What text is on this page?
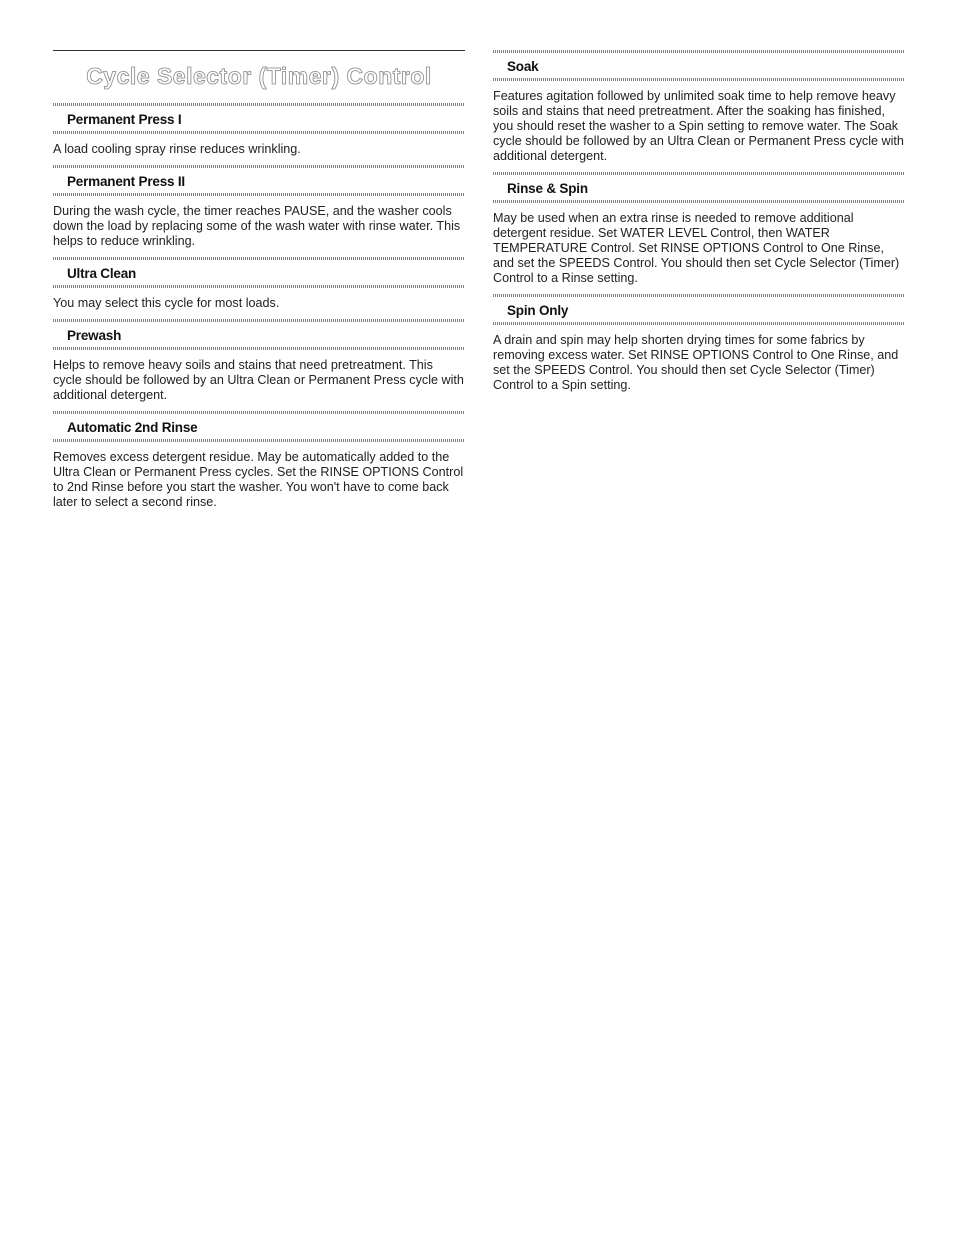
Cycle Selector (Timer) Control
Permanent Press I

A load cooling spray rinse reduces wrinkling.

Permanent Press II

During the wash cycle, the timer reaches PAUSE, and the washer cools down the load by replacing some of the wash water with rinse water. This helps to reduce wrinkling.

Ultra Clean

You may select this cycle for most loads.

Prewash

Helps to remove heavy soils and stains that need pretreatment. This cycle should be followed by an Ultra Clean or Permanent Press cycle with additional detergent.

Automatic 2nd Rinse

Removes excess detergent residue. May be automatically added to the Ultra Clean or Permanent Press cycles. Set the RINSE OPTIONS Control to 2nd Rinse before you start the washer. You won't have to come back later to select a second rinse.

Soak

Features agitation followed by unlimited soak time to help remove heavy soils and stains that need pretreatment. After the soaking has finished, you should reset the washer to a Spin setting to remove water. The Soak cycle should be followed by an Ultra Clean or Permanent Press cycle with additional detergent.

Rinse & Spin

May be used when an extra rinse is needed to remove additional detergent residue. Set WATER LEVEL Control, then WATER TEMPERATURE Control. Set RINSE OPTIONS Control to One Rinse, and set the SPEEDS Control. You should then set Cycle Selector (Timer) Control to a Rinse setting.

Spin Only

A drain and spin may help shorten drying times for some fabrics by removing excess water. Set RINSE OPTIONS Control to One Rinse, and set the SPEEDS Control. You should then set Cycle Selector (Timer) Control to a Spin setting.
